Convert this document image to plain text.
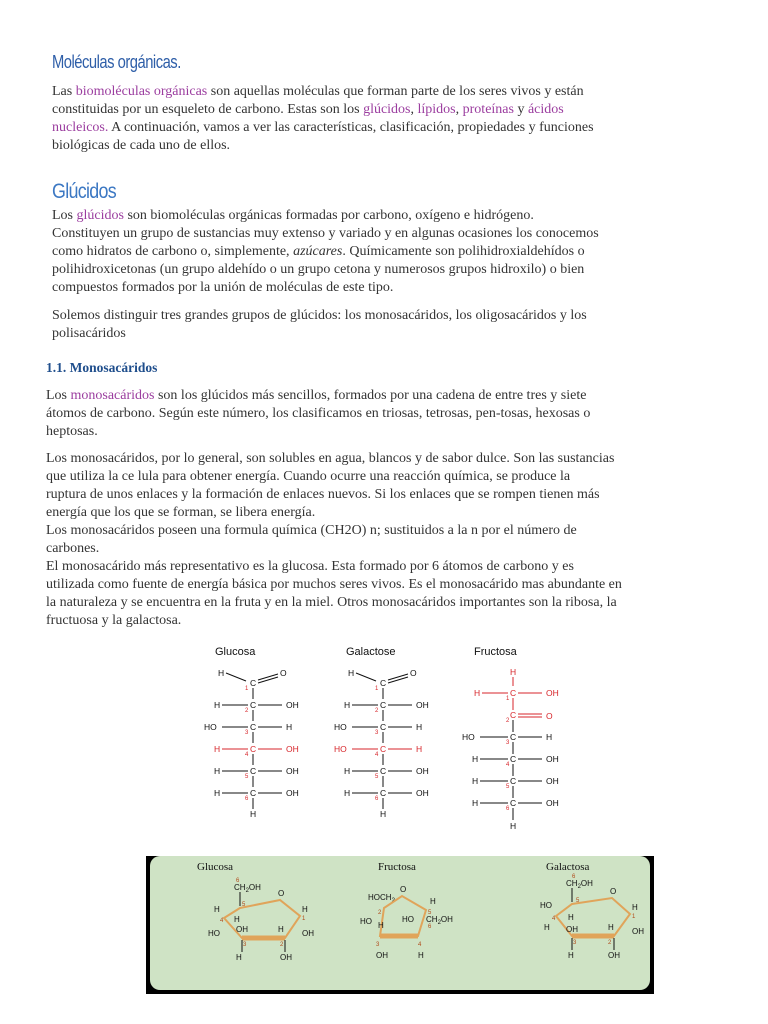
Moléculas orgánicas.

Las biomoléculas orgánicas son aquellas moléculas que forman parte de los seres vivos y están
constituidas por un esqueleto de carbono. Estas son los glúcidos, lípidos, proteínas y ácidos
nucleicos. A continuación, vamos a ver las características, clasificación, propiedades y funciones
biológicas de cada uno de ellos.

Glúcidos

Los glúcidos son biomoléculas orgánicas formadas por carbono, oxígeno e hidrógeno.
Constituyen un grupo de sustancias muy extenso y variado y en algunas ocasiones los conocemos
como hidratos de carbono o, simplemente, azúcares. Químicamente son polihidroxialdehídos o
polihidroxicetonas (un grupo aldehído o un grupo cetona y numerosos grupos hidroxilo) o bien
compuestos formados por la unión de moléculas de este tipo.

Solemos distinguir tres grandes grupos de glúcidos: los monosacáridos, los oligosacáridos y los
polisacáridos

1.1. Monosacáridos

Los monosacáridos son los glúcidos más sencillos, formados por una cadena de entre tres y siete
átomos de carbono. Según este número, los clasificamos en triosas, tetrosas, pen-tosas, hexosas o
heptosas.

Los monosacáridos, por lo general, son solubles en agua, blancos y de sabor dulce. Son las sustancias
que utiliza la ce lula para obtener energía. Cuando ocurre una reacción química, se produce la
ruptura de unos enlaces y la formación de enlaces nuevos. Si los enlaces que se rompen tienen más
energía que los que se forman, se libera energía.
Los monosacáridos poseen una formula química (CH2O) n; sustituidos a la n por el número de
carbones.
El monosacárido más representativo es la glucosa. Esta formado por 6 átomos de carbono y es
utilizada como fuente de energía básica por muchos seres vivos. Es el monosacárido mas abundante en
la naturaleza y se encuentra en la fruta y en la miel. Otros monosacáridos importantes son la ribosa, la
fructuosa y la galactosa.

Glucosa
H
C
O
1
H	C
2
OH
HO	C
3
H
H	C
4
OH
H	C
5
OH
H	C
6
OH
H
Galactose
H
C
O
1
H	C
2
OH
HO	C
3
H
HO	C
4
H
H	C
5
OH
H	C
6
OH
H
Fructosa
H
H	C
1
OH
C
2	O
HO	C
3
H
H	C
4
OH
H	C
5
OH
H	C
6
OH
H
Glucosa
6
$CH_2OH$
O
5
1
4
3	2
H
H
HO OH	H
H
OH
H	OH
Fructosa
$HOCH_2$
O
2	5
3	4
6
HO H
OH
HO
H
H
$CH_2OH$
Galactosa
6
$CH_2OH$
O
5
1
4
3	2
HO
H
H
OH	H
H
OH
H	OH
